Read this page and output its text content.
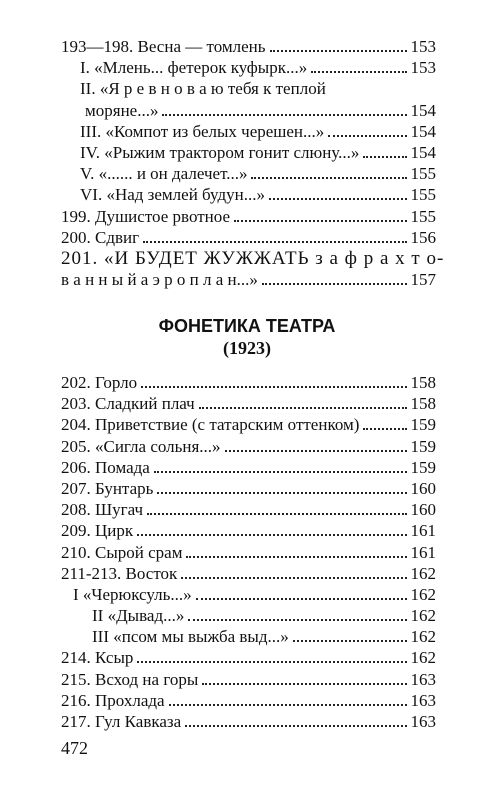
193—198. Весна — томлень	153
I. «Млень... фетерок куфырк...»	153
II. «Я р е в н о в а ю тебя к теплой
моряне...»	154
III. «Компот из белых черешен...»	154
IV. «Рыжим трактором гонит слюну...»	154
V. «...... и он далечет...»	155
VI. «Над землей будун...»	155
199. Душистое рвотное	155
200. Сдвиг	156
201. «И БУДЕТ ЖУЖЖАТЬ з а ф р а х т о-
в а н н ы й а э р о п л а н...»	157
ФОНЕТИКА ТЕАТРА
(1923)
202. Горло	158
203. Сладкий плач	158
204. Приветствие (с татарским оттенком)	159
205. «Сигла сольня...»	159
206. Помада	159
207. Бунтарь	160
208. Шугач	160
209. Цирк	161
210. Сырой срам	161
211-213. Восток	162
I «Черюксуль...»	162
II «Дывад...»	162
III «псом мы выжба выд...»	162
214. Ксыр	162
215. Всход на горы	163
216. Прохлада	163
217. Гул Кавказа	163
472
